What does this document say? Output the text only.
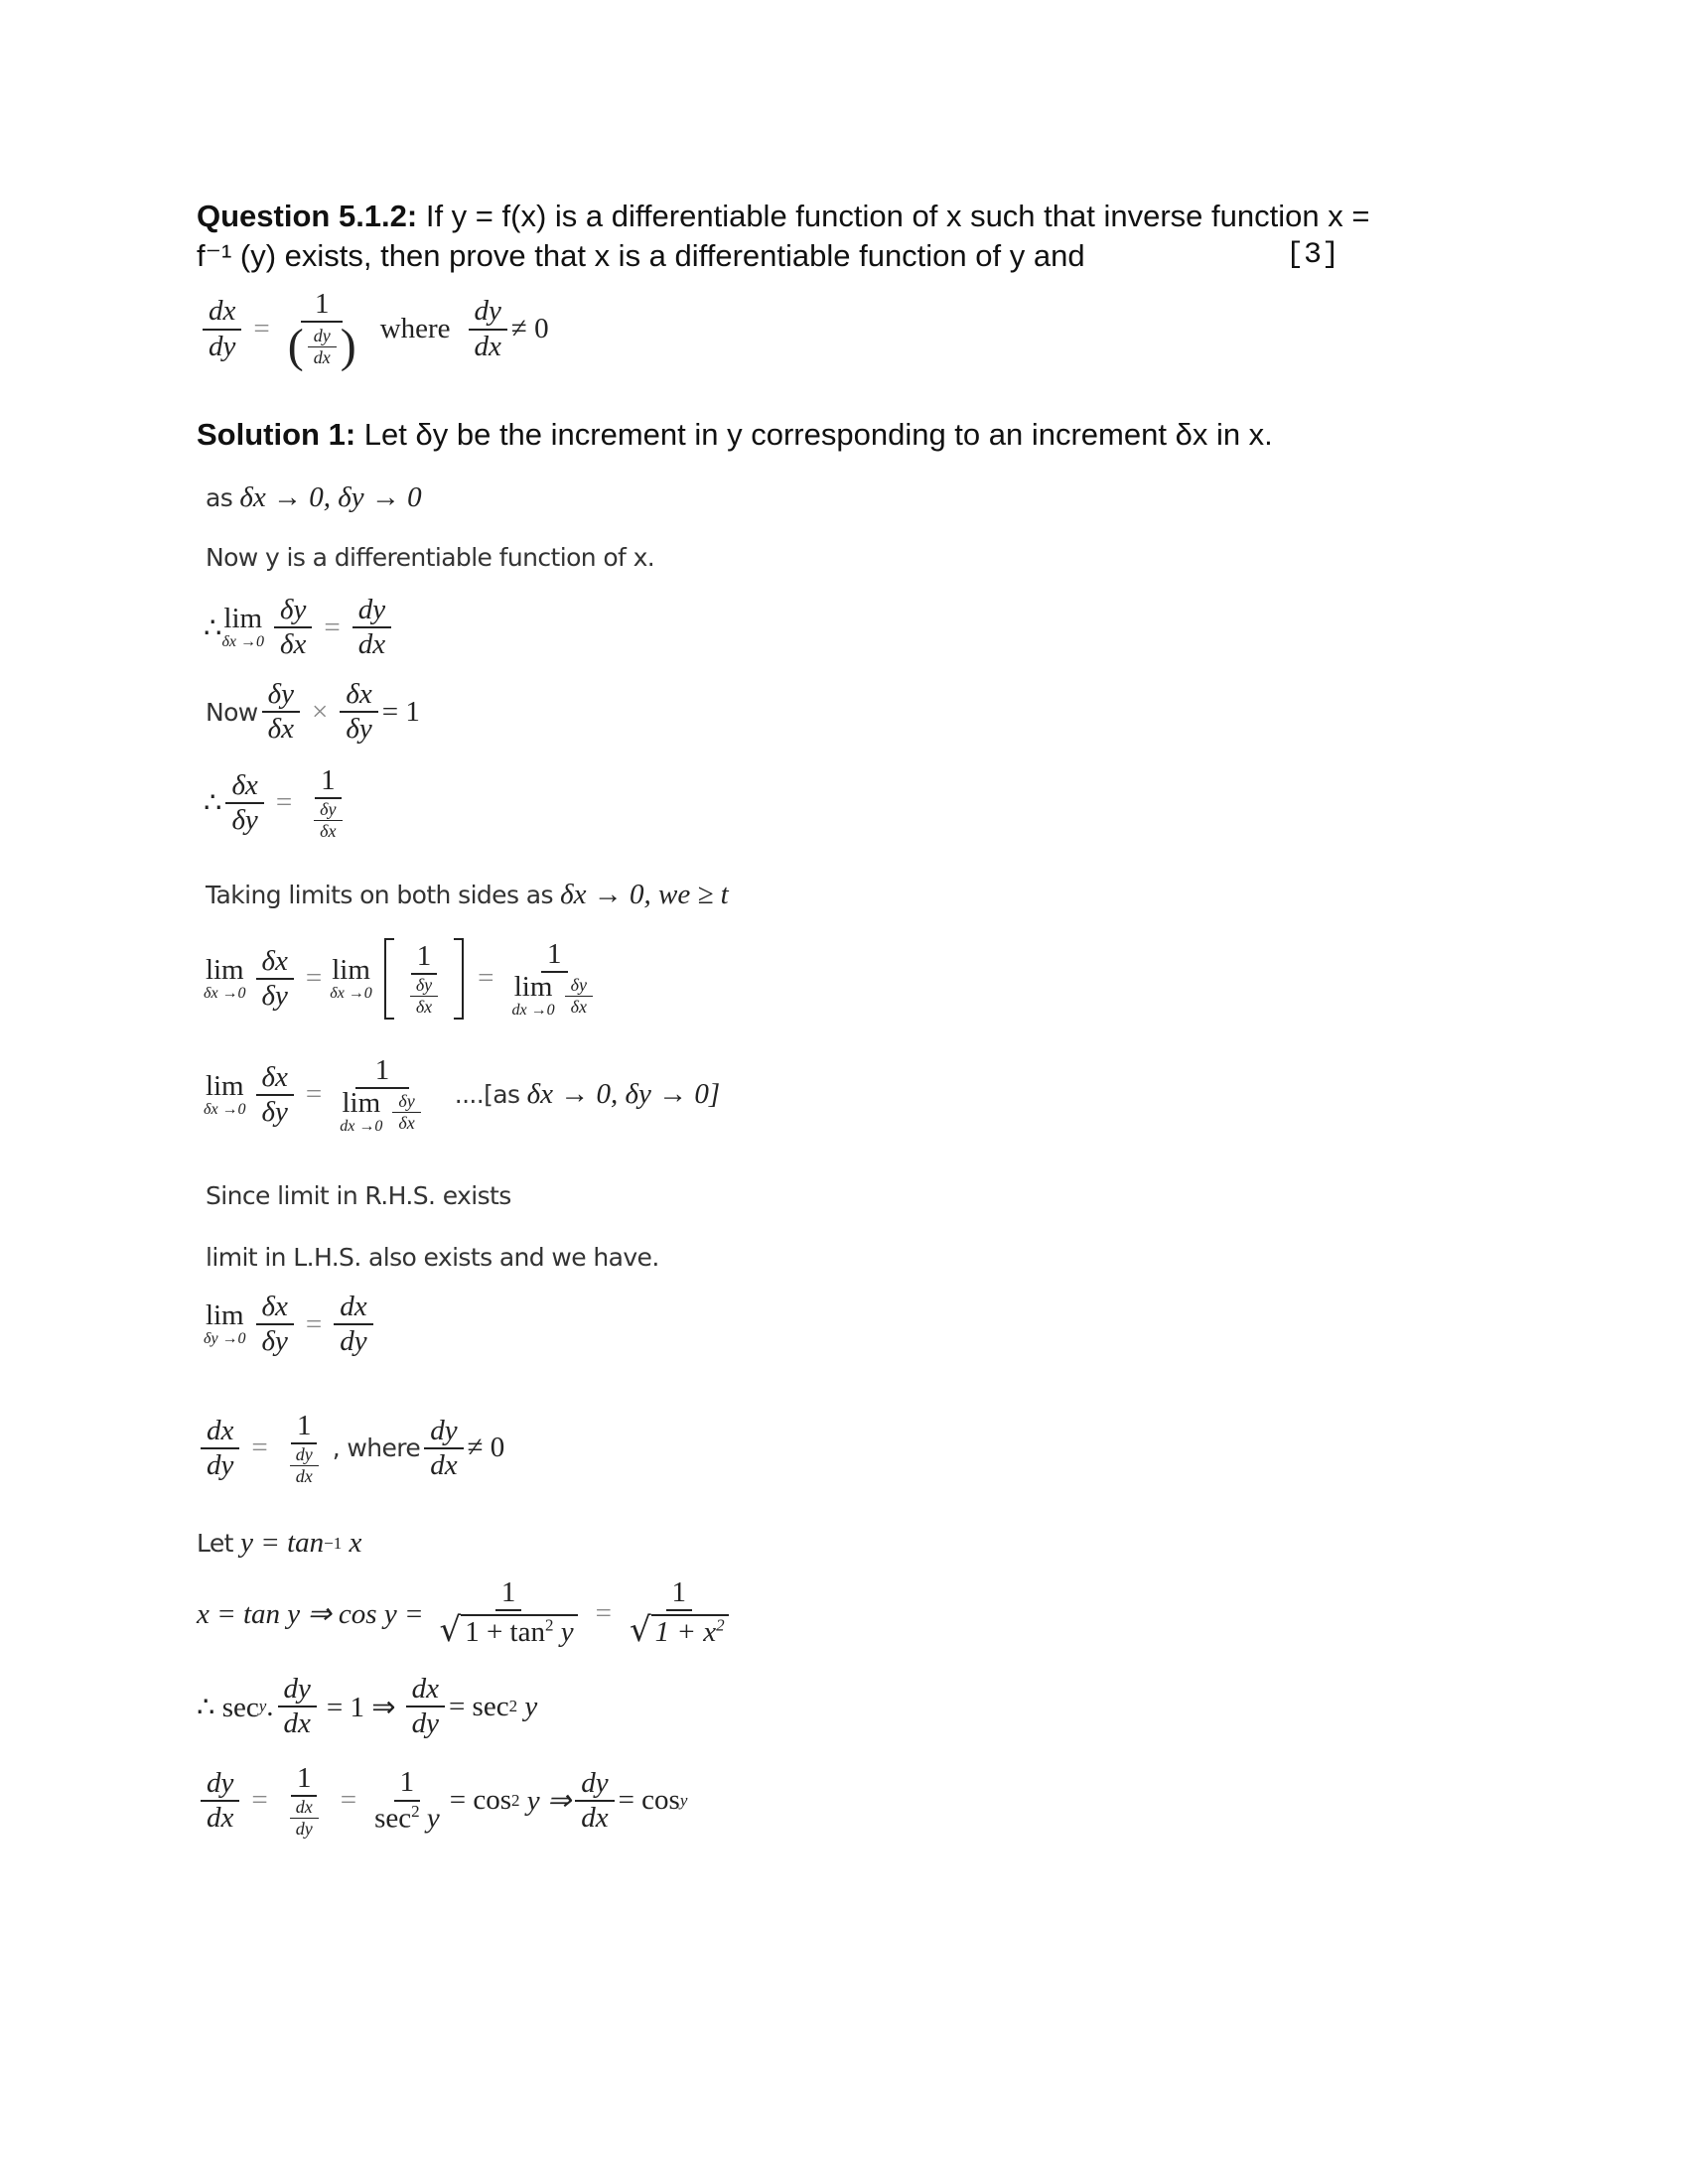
Question 5.1.2: If y = f(x) is a differentiable function of x such that inverse function x =
f⁻¹ (y) exists, then prove that x is a differentiable function of y and	[3]
$\frac{dx}{dy} = \frac{1}{( \frac{dy}{dx} )}$ where $\frac{dy}{dx} \ne 0$
Solution 1: Let δy be the increment in y corresponding to an increment δx in x.
as
δx → 0, δy → 0
Now y is a differentiable function of x.
∴ lim
$\delta x \to 0 \frac{\delta y}{\delta x} = \frac{dy}{dx}$
Now $\frac{\delta y}{\delta x} \times \frac{\delta x}{\delta y} = 1$
∴ $\frac{\delta x}{\delta y} = \frac{1}{\frac{\delta y}{\delta x}}$
Taking limits on both sides as
δx → 0, we ≥ t
lim
$\delta x \to 0 \frac{\delta x}{\delta y} = \lim$
$\delta x \to 0 \frac{1}{\frac{\delta y}{\delta x}} = 1$
lim
dx $\to 0 \frac{\delta y}{\delta x}$
lim
$\delta x \to 0 \frac{\delta x}{\delta y} = 1$
lim
dx $\to 0 \frac{\delta y}{\delta x} ....[as$
δx → 0, δy → 0]
Since limit in R.H.S. exists
limit in L.H.S. also exists and we have.
lim
$\delta y \to 0 \frac{\delta x}{\delta y} = \frac{dx}{dy}$
$\frac{dx}{dy} = \frac{1}{\frac{dy}{dx}}$ , where $\frac{dy}{dx} \ne 0$
Let
y = tan −1
x
x = tan y ⇒ $\cos y = \frac{1}{√ 1 + \tan^2 y} = \frac{1}{√ 1 + x^2}$
∴ sec y . $\frac{dy}{dx} = 1$ ⇒ $\frac{dx}{dy} = \sec 2$
y
$\frac{dy}{dx} = \frac{1}{\frac{dx}{dy}} = \frac{1}{\sec^2 y} = \cos 2$
y ⇒ $\frac{dy}{dx} = \cos y$
